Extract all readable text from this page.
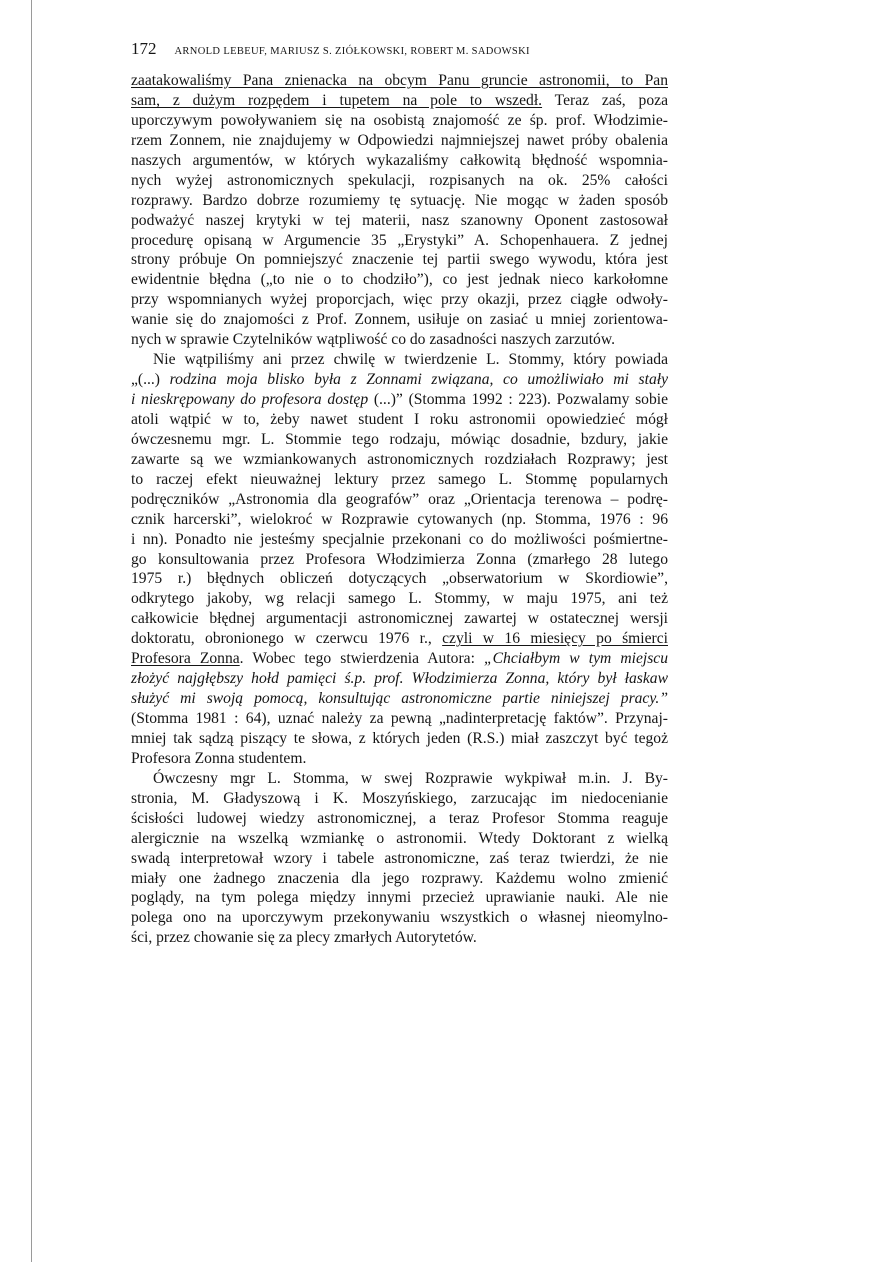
172 ARNOLD LEBEUF, MARIUSZ S. ZIÓŁKOWSKI, ROBERT M. SADOWSKI
zaatakowaliśmy Pana znienacka na obcym Panu gruncie astronomii, to Pan
sam, z dużym rozpędem i tupetem na pole to wszedł. Teraz zaś, poza
uporczywym powoływaniem się na osobistą znajomość ze śp. prof. Włodzimie-
rzem Zonnem, nie znajdujemy w Odpowiedzi najmniejszej nawet próby obalenia
naszych argumentów, w których wykazaliśmy całkowitą błędność wspomnia-
nych wyżej astronomicznych spekulacji, rozpisanych na ok. 25% całości
rozprawy. Bardzo dobrze rozumiemy tę sytuację. Nie mogąc w żaden sposób
podważyć naszej krytyki w tej materii, nasz szanowny Oponent zastosował
procedurę opisaną w Argumencie 35 „Erystyki” A. Schopenhauera. Z jednej
strony próbuje On pomniejszyć znaczenie tej partii swego wywodu, która jest
ewidentnie błędna („to nie o to chodziło”), co jest jednak nieco karkołomne
przy wspomnianych wyżej proporcjach, więc przy okazji, przez ciągłe odwoły-
wanie się do znajomości z Prof. Zonnem, usiłuje on zasiać u mniej zorientowa-
nych w sprawie Czytelników wątpliwość co do zasadności naszych zarzutów.
Nie wątpiliśmy ani przez chwilę w twierdzenie L. Stommy, który powiada
„(...) rodzina moja blisko była z Zonnami związana, co umożliwiało mi stały
i nieskrępowany do profesora dostęp (...)” (Stomma 1992 : 223). Pozwalamy sobie
atoli wątpić w to, żeby nawet student I roku astronomii opowiedzieć mógł
ówczesnemu mgr. L. Stommie tego rodzaju, mówiąc dosadnie, bzdury, jakie
zawarte są we wzmiankowanych astronomicznych rozdziałach Rozprawy; jest
to raczej efekt nieuważnej lektury przez samego L. Stommę popularnych
podręczników „Astronomia dla geografów” oraz „Orientacja terenowa – podrę-
cznik harcerski”, wielokroć w Rozprawie cytowanych (np. Stomma, 1976 : 96
i nn). Ponadto nie jesteśmy specjalnie przekonani co do możliwości pośmiertne-
go konsultowania przez Profesora Włodzimierza Zonna (zmarłego 28 lutego
1975 r.) błędnych obliczeń dotyczących „obserwatorium w Skordiowie”,
odkrytego jakoby, wg relacji samego L. Stommy, w maju 1975, ani też
całkowicie błędnej argumentacji astronomicznej zawartej w ostatecznej wersji
doktoratu, obronionego w czerwcu 1976 r., czyli w 16 miesięcy po śmierci
Profesora Zonna. Wobec tego stwierdzenia Autora: „Chciałbym w tym miejscu
złożyć najgłębszy hołd pamięci ś.p. prof. Włodzimierza Zonna, który był łaskaw
służyć mi swoją pomocą, konsultując astronomiczne partie niniejszej pracy.”
(Stomma 1981 : 64), uznać należy za pewną „nadinterpretację faktów”. Przynaj-
mniej tak sądzą piszący te słowa, z których jeden (R.S.) miał zaszczyt być tegoż
Profesora Zonna studentem.
Ówczesny mgr L. Stomma, w swej Rozprawie wykpiwał m.in. J. By-
stronia, M. Gładyszową i K. Moszyńskiego, zarzucając im niedocenianie
ścisłości ludowej wiedzy astronomicznej, a teraz Profesor Stomma reaguje
alergicznie na wszelką wzmiankę o astronomii. Wtedy Doktorant z wielką
swadą interpretował wzory i tabele astronomiczne, zaś teraz twierdzi, że nie
miały one żadnego znaczenia dla jego rozprawy. Każdemu wolno zmienić
poglądy, na tym polega między innymi przecież uprawianie nauki. Ale nie
polega ono na uporczywym przekonywaniu wszystkich o własnej nieomylno-
ści, przez chowanie się za plecy zmarłych Autorytetów.
